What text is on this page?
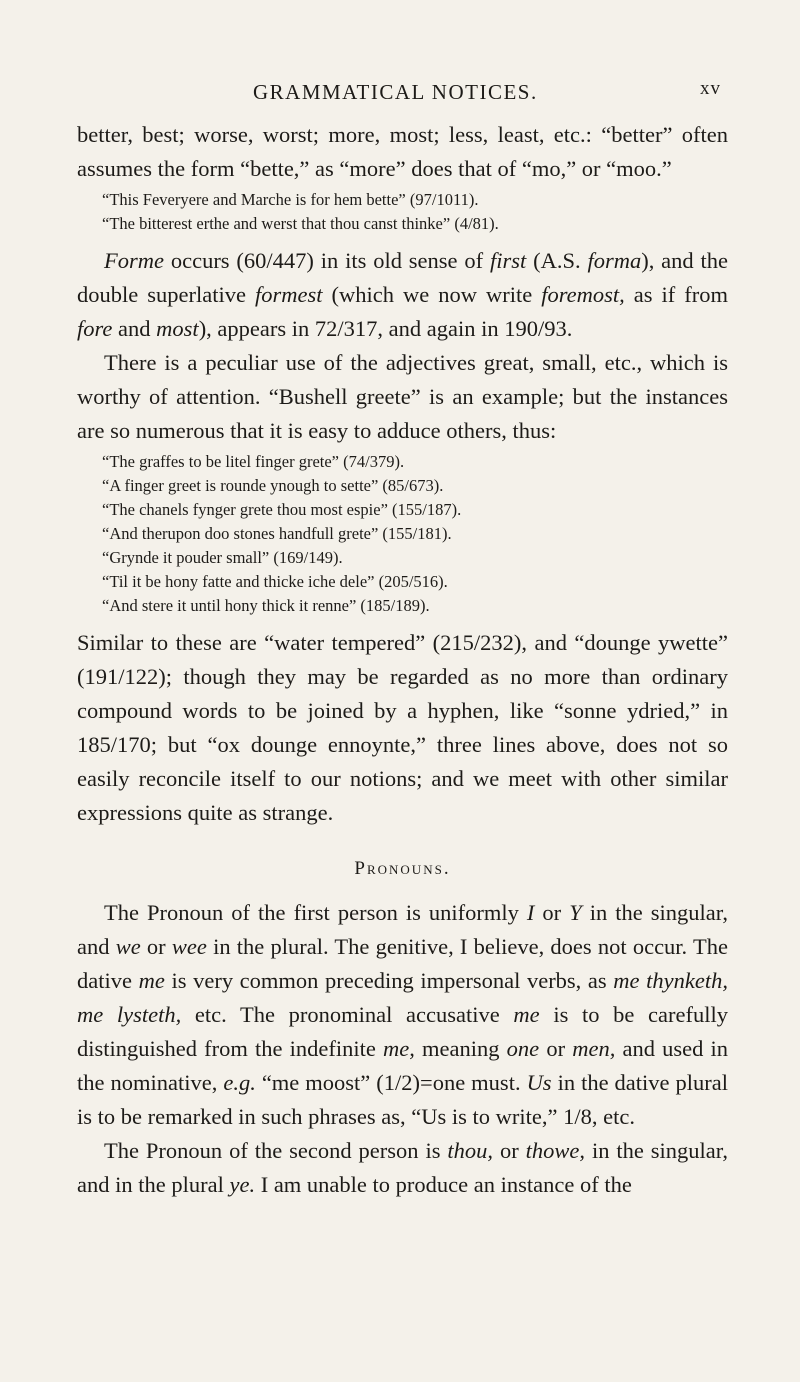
GRAMMATICAL NOTICES.	xv

better, best; worse, worst; more, most; less, least, etc.: “better” often assumes the form “bette,” as “more” does that of “mo,” or “moo.”

“This Feveryere and Marche is for hem bette” (97/1011).

“The bitterest erthe and werst that thou canst thinke” (4/81).

Forme occurs (60/447) in its old sense of first (A.S. forma), and the double superlative formest (which we now write foremost, as if from fore and most), appears in 72/317, and again in 190/93.

There is a peculiar use of the adjectives great, small, etc., which is worthy of attention. “Bushell greete” is an example; but the instances are so numerous that it is easy to adduce others, thus:

“The graffes to be litel finger grete” (74/379).

“A finger greet is rounde ynough to sette” (85/673).

“The chanels fynger grete thou most espie” (155/187).

“And therupon doo stones handfull grete” (155/181).

“Grynde it pouder small” (169/149).

“Til it be hony fatte and thicke iche dele” (205/516).

“And stere it until hony thick it renne” (185/189).

Similar to these are “water tempered” (215/232), and “dounge ywette” (191/122); though they may be regarded as no more than ordinary compound words to be joined by a hyphen, like “sonne ydried,” in 185/170; but “ox dounge ennoynte,” three lines above, does not so easily reconcile itself to our notions; and we meet with other similar expressions quite as strange.

Pronouns.

The Pronoun of the first person is uniformly I or Y in the singular, and we or wee in the plural. The genitive, I believe, does not occur. The dative me is very common preceding impersonal verbs, as me thynketh, me lysteth, etc. The pronominal accusative me is to be carefully distinguished from the indefinite me, meaning one or men, and used in the nominative, e.g. “me moost” (1/2)=one must. Us in the dative plural is to be remarked in such phrases as, “Us is to write,” 1/8, etc.

The Pronoun of the second person is thou, or thowe, in the singular, and in the plural ye. I am unable to produce an instance of the
